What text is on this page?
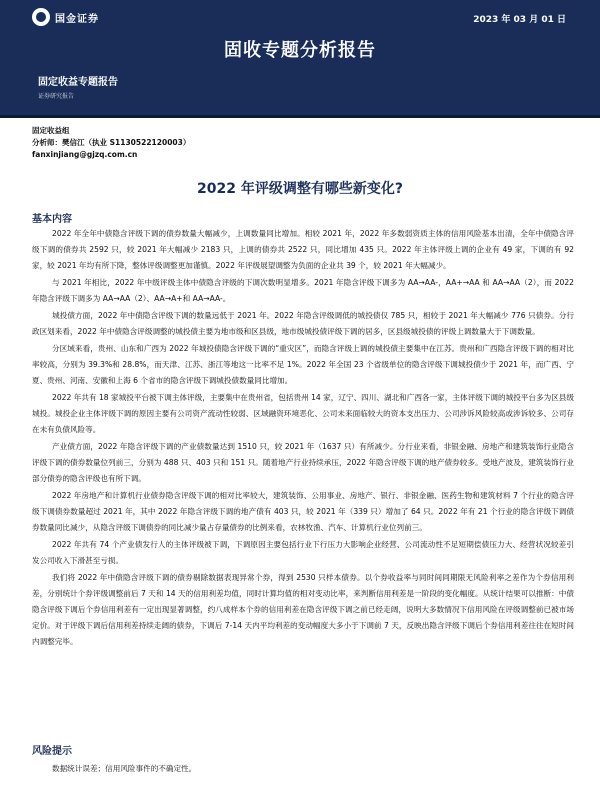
国金证券	2023 年 03 月 01 日
固收专题分析报告
固定收益专题报告
证券研究报告
固定收益组
分析师：樊信江（执业 S1130522120003）
fanxinjiang@gjzq.com.cn
2022 年评级调整有哪些新变化?
基本内容

2022 年全年中债隐含评级下调的债券数量大幅减少，上调数量同比增加。相较 2021 年，2022 年多数弱资质主体的信用风险基本出清，全年中债隐含评级下调的债券共 2592 只，较 2021 年大幅减少 2183 只，上调的债券共 2522 只，同比增加 435 只。2022 年主体评级上调的企业有 49 家，下调的有 92 家，较 2021 年均有所下降，整体评级调整更加谨慎。2022 年评级展望调整为负面的企业共 39 个，较 2021 年大幅减少。

与 2021 年相比，2022 年中级评级主体中债隐含评级的下调次数明显增多。2021 年隐含评级下调多为 AA→AA-，AA+→AA 和 AA→AA（2），而 2022 年隐含评级下调多为 AA→AA（2）、AA→A+和 AA→AA-。

城投债方面，2022 年中债隐含评级下调的数量远低于 2021 年。2022 年隐含评级调低的城投债仅 785 只，相较于 2021 年大幅减少 776 只债券。分行政区划来看，2022 年中债隐含评级调整的城投债主要为地市级和区县级，地市级城投债评级下调的居多，区县级城投债的评级上调数量大于下调数量。

分区域来看，贵州、山东和广西为 2022 年城投债隐含评级下调的“重灾区”，而隐含评级上调的城投债主要集中在江苏。贵州和广西隐含评级下调的相对比率较高，分别为 39.3%和 28.8%，而天津、江苏、浙江等地这一比率不足 1%。2022 年全国 23 个省级单位的隐含评级下调城投债少于 2021 年，而广西、宁夏、贵州、河南、安徽和上海 6 个省市的隐含评级下调城投债数量同比增加。

2022 年共有 18 家城投平台被下调主体评级，主要集中在贵州省，包括贵州 14 家，辽宁、四川、湖北和广西各一家，主体评级下调的城投平台多为区县级城投。城投企业主体评级下调的原因主要有公司资产流动性较弱、区域融资环境恶化、公司未来面临较大的资本支出压力、公司涉诉风险较高或涉诉较多、公司存在未有负债风险等。

产业债方面，2022 年隐含评级下调的产业债数量达到 1510 只，较 2021 年（1637 只）有所减少。分行业来看，非银金融、房地产和建筑装饰行业隐含评级下调的债券数量位列前三，分别为 488 只、403 只和 151 只。随着地产行业持续承压，2022 年隐含评级下调的地产债券较多。受地产波及，建筑装饰行业部分债券的隐含评级也有所下调。

2022 年房地产和计算机行业债券隐含评级下调的相对比率较大，建筑装饰、公用事业、房地产、银行、非银金融、医药生物和建筑材料 7 个行业的隐含评级下调债券数量超过 2021 年，其中 2022 年隐含评级下调的地产债有 403 只，较 2021 年（339 只）增加了 64 只。2022 年有 21 个行业的隐含评级下调债券数量同比减少，从隐含评级下调债券的同比减少量占存量债券的比例来看，农林牧渔、汽车、计算机行业位列前三。

2022 年共有 74 个产业债发行人的主体评级被下调，下调原因主要包括行业下行压力大影响企业经营、公司流动性不足短期偿债压力大、经营状况较差引发公司收入下滑甚至亏损。

我们将 2022 年中债隐含评级下调的债券剔除数据表现异常个券，得到 2530 只样本债券。以个券收益率与同时间同期限无风险利率之差作为个券信用利差，分别统计个券评级调整前后 7 天和 14 天的信用利差均值，同时计算均值的相对变动比率，来判断信用利差是一阶段的变化幅度。从统计结果可以推断：中债隐含评级下调后个券信用利差有一定出现显著调整，约八成样本个券的信用利差在隐含评级下调之前已经走阔，说明大多数情况下信用风险在评级调整前已被市场定价。对于评级下调后信用利差持续走阔的债券，下调后 7-14 天内平均利差的变动幅度大多小于下调前 7 天，反映出隐含评级下调后个券信用利差往往在短时间内调整完毕。

风险提示

数据统计误差；信用风险事件的不确定性。
